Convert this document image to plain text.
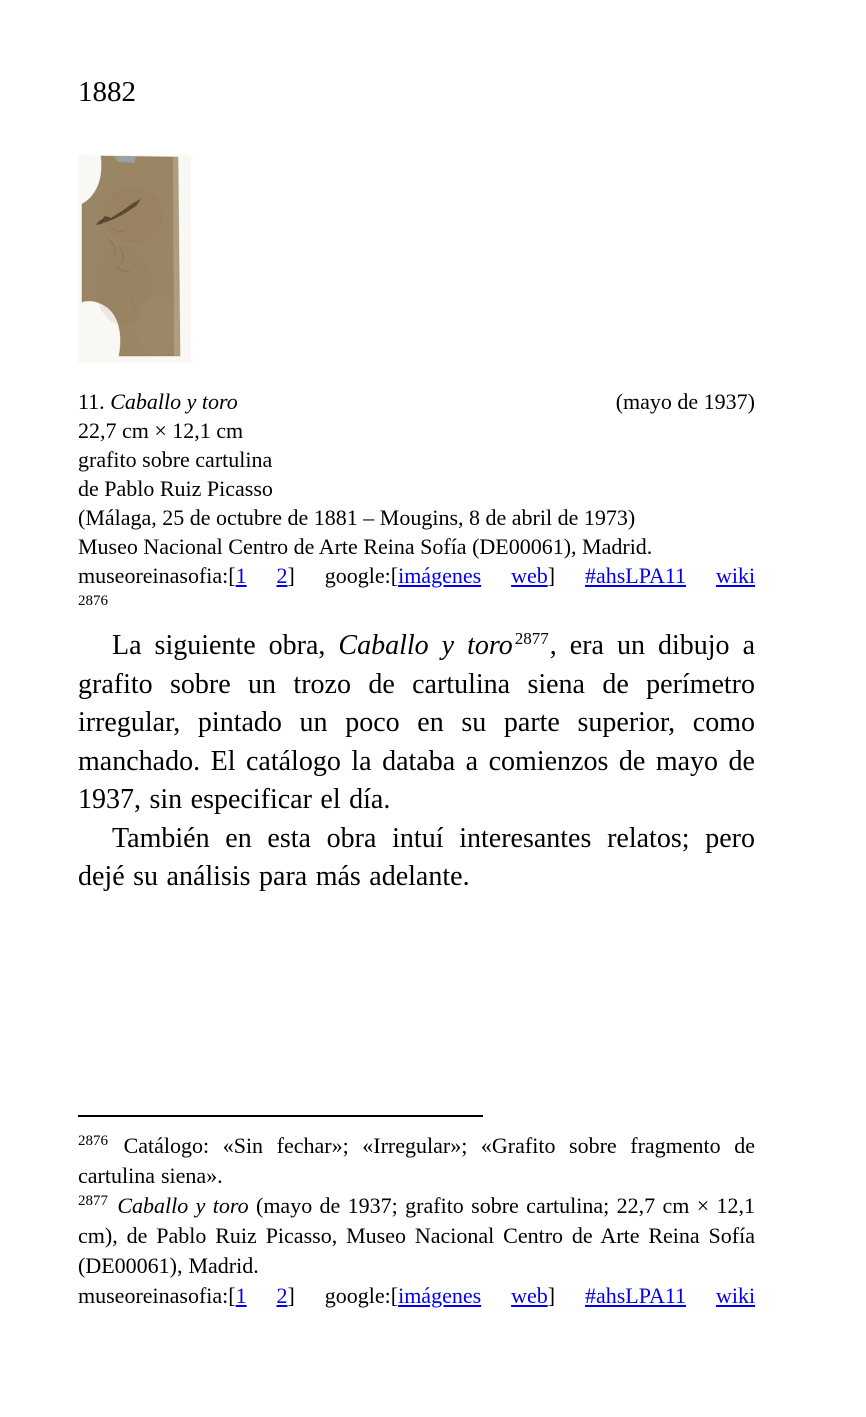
1882
11. Caballo y toro	(mayo de 1937)
22,7 cm × 12,1 cm
grafito sobre cartulina
de Pablo Ruiz Picasso
(Málaga, 25 de octubre de 1881 – Mougins, 8 de abril de 1973)
Museo Nacional Centro de Arte Reina Sofía (DE00061), Madrid.
museoreinasofia:[1 2] google:[imágenes web] #ahsLPA11 wiki
2876

La siguiente obra, Caballo y toro $^{2877}$, era un dibujo a grafito sobre un trozo de cartulina siena de perímetro irregular, pintado un poco en su parte superior, como manchado. El catálogo la databa a comienzos de mayo de 1937, sin especificar el día.

También en esta obra intuí interesantes relatos; pero dejé su análisis para más adelante.

$^{2876}$ Catálogo: «Sin fechar»; «Irregular»; «Grafito sobre fragmento de cartulina siena».

$^{2877}$ Caballo y toro (mayo de 1937; grafito sobre cartulina; 22,7 cm × 12,1 cm), de Pablo Ruiz Picasso, Museo Nacional Centro de Arte Reina Sofía (DE00061), Madrid.

museoreinasofia:[1 2] google:[imágenes web] #ahsLPA11 wiki
